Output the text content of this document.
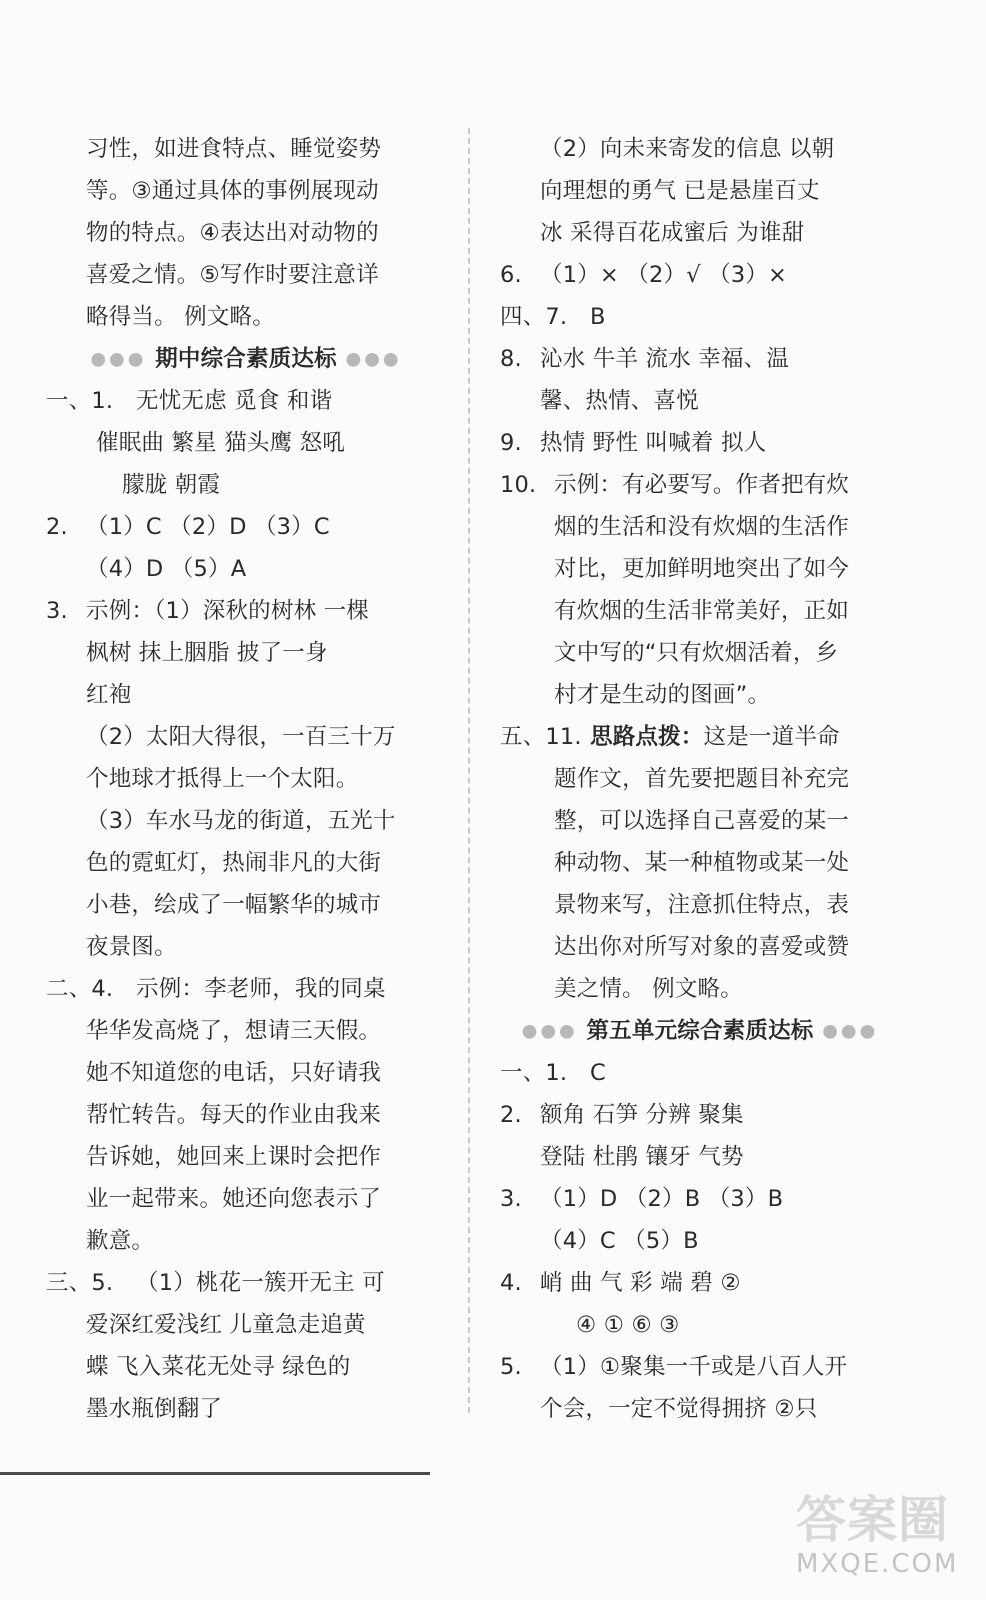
习性，如进食特点、睡觉姿势
等。③通过具体的事例展现动
物的特点。④表达出对动物的
喜爱之情。⑤写作时要注意详
略得当。 例文略。
●●● 期中综合素质达标 ●●●
一、1. 无忧无虑 觅食 和谐
催眠曲 繁星 猫头鹰 怒吼
朦胧 朝霞
2. （1）C （2）D （3）C
（4）D （5）A
3. 示例：（1）深秋的树林 一棵
枫树 抹上胭脂 披了一身
红袍
（2）太阳大得很，一百三十万
个地球才抵得上一个太阳。
（3）车水马龙的街道，五光十
色的霓虹灯，热闹非凡的大街
小巷，绘成了一幅繁华的城市
夜景图。
二、4. 示例：李老师，我的同桌
华华发高烧了，想请三天假。
她不知道您的电话，只好请我
帮忙转告。每天的作业由我来
告诉她，她回来上课时会把作
业一起带来。她还向您表示了
歉意。
三、5. （1）桃花一簇开无主 可
爱深红爱浅红 儿童急走追黄
蝶 飞入菜花无处寻 绿色的
墨水瓶倒翻了
（2）向未来寄发的信息 以朝
向理想的勇气 已是悬崖百丈
冰 采得百花成蜜后 为谁甜
6. （1）× （2）√ （3）×
四、7. B
8. 沁水 牛羊 流水 幸福、温
馨、热情、喜悦
9. 热情 野性 叫喊着 拟人
10. 示例：有必要写。作者把有炊
烟的生活和没有炊烟的生活作
对比，更加鲜明地突出了如今
有炊烟的生活非常美好，正如
文中写的“只有炊烟活着，乡
村才是生动的图画”。
五、11. 思路点拨：这是一道半命
题作文，首先要把题目补充完
整，可以选择自己喜爱的某一
种动物、某一种植物或某一处
景物来写，注意抓住特点，表
达出你对所写对象的喜爱或赞
美之情。 例文略。
●●● 第五单元综合素质达标 ●●●
一、1. C
2. 额角 石笋 分辨 聚集
登陆 杜鹃 镶牙 气势
3. （1）D （2）B （3）B
（4）C （5）B
4. 峭 曲 气 彩 端 碧 ②
④ ① ⑥ ③
5. （1）①聚集一千或是八百人开
个会，一定不觉得拥挤 ②只
答案圈
MXQE.COM
